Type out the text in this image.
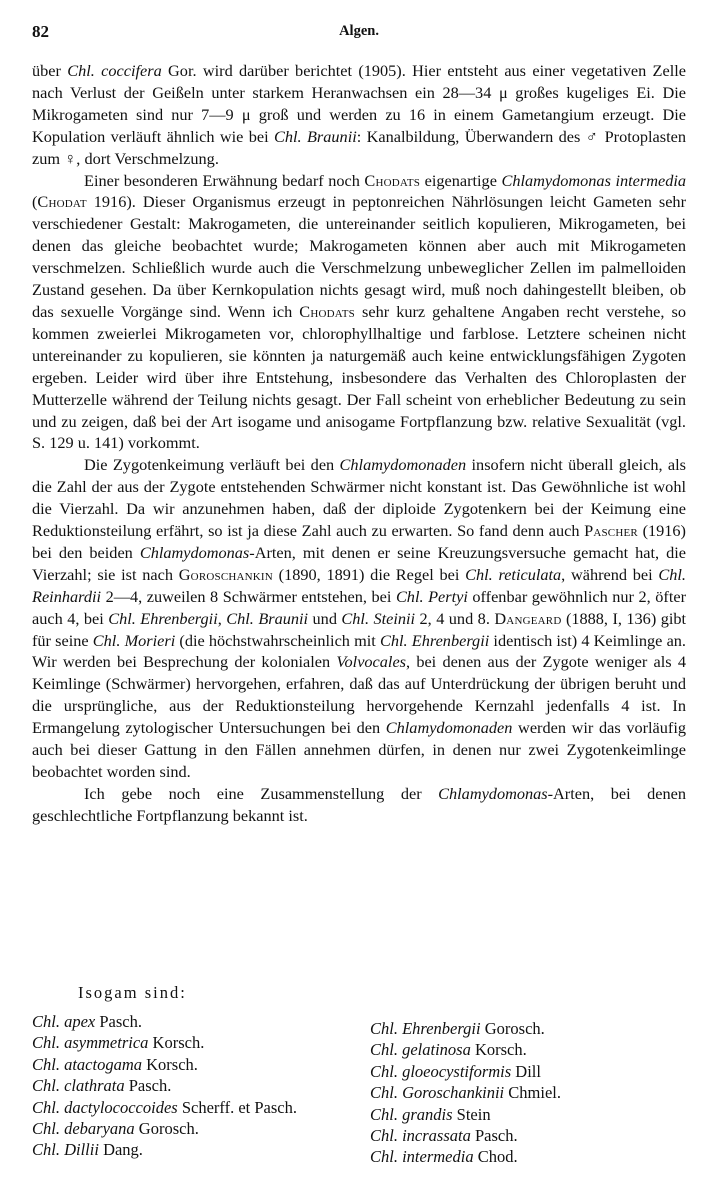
82	Algen.

über Chl. coccifera Gor. wird darüber berichtet (1905). Hier entsteht aus einer vegetativen Zelle nach Verlust der Geißeln unter starkem Heranwachsen ein 28—34 μ großes kugeliges Ei. Die Mikrogameten sind nur 7—9 μ groß und werden zu 16 in einem Gametangium erzeugt. Die Kopulation verläuft ähnlich wie bei Chl. Braunii: Kanalbildung, Überwandern des ♂ Protoplasten zum ♀, dort Verschmelzung.

Einer besonderen Erwähnung bedarf noch Chodats eigenartige Chlamydomonas intermedia (Chodat 1916). Dieser Organismus erzeugt in peptonreichen Nährlösungen leicht Gameten sehr verschiedener Gestalt: Makrogameten, die untereinander seitlich kopulieren, Mikrogameten, bei denen das gleiche beobachtet wurde; Makrogameten können aber auch mit Mikrogameten verschmelzen. Schließlich wurde auch die Verschmelzung unbeweglicher Zellen im palmelloiden Zustand gesehen. Da über Kernkopulation nichts gesagt wird, muß noch dahingestellt bleiben, ob das sexuelle Vorgänge sind. Wenn ich Chodats sehr kurz gehaltene Angaben recht verstehe, so kommen zweierlei Mikrogameten vor, chlorophyllhaltige und farblose. Letztere scheinen nicht untereinander zu kopulieren, sie könnten ja naturgemäß auch keine entwicklungsfähigen Zygoten ergeben. Leider wird über ihre Entstehung, insbesondere das Verhalten des Chloroplasten der Mutterzelle während der Teilung nichts gesagt. Der Fall scheint von erheblicher Bedeutung zu sein und zu zeigen, daß bei der Art isogame und anisogame Fortpflanzung bzw. relative Sexualität (vgl. S. 129 u. 141) vorkommt.

Die Zygotenkeimung verläuft bei den Chlamydomonaden insofern nicht überall gleich, als die Zahl der aus der Zygote entstehenden Schwärmer nicht konstant ist. Das Gewöhnliche ist wohl die Vierzahl. Da wir anzunehmen haben, daß der diploide Zygotenkern bei der Keimung eine Reduktionsteilung erfährt, so ist ja diese Zahl auch zu erwarten. So fand denn auch Pascher (1916) bei den beiden Chlamydomonas-Arten, mit denen er seine Kreuzungsversuche gemacht hat, die Vierzahl; sie ist nach Goroschankin (1890, 1891) die Regel bei Chl. reticulata, während bei Chl. Reinhardii 2—4, zuweilen 8 Schwärmer entstehen, bei Chl. Pertyi offenbar gewöhnlich nur 2, öfter auch 4, bei Chl. Ehrenbergii, Chl. Braunii und Chl. Steinii 2, 4 und 8. Dangeard (1888, I, 136) gibt für seine Chl. Morieri (die höchstwahrscheinlich mit Chl. Ehrenbergii identisch ist) 4 Keimlinge an. Wir werden bei Besprechung der kolonialen Volvocales, bei denen aus der Zygote weniger als 4 Keimlinge (Schwärmer) hervorgehen, erfahren, daß das auf Unterdrückung der übrigen beruht und die ursprüngliche, aus der Reduktionsteilung hervorgehende Kernzahl jedenfalls 4 ist. In Ermangelung zytologischer Untersuchungen bei den Chlamydomonaden werden wir das vorläufig auch bei dieser Gattung in den Fällen annehmen dürfen, in denen nur zwei Zygotenkeimlinge beobachtet worden sind.

Ich gebe noch eine Zusammenstellung der Chlamydomonas-Arten, bei denen geschlechtliche Fortpflanzung bekannt ist.

Isogam sind:
Chl. apex Pasch.
Chl. asymmetrica Korsch.
Chl. atactogama Korsch.
Chl. clathrata Pasch.
Chl. dactylococcoides Scherff. et Pasch.
Chl. debaryana Gorosch.
Chl. Dillii Dang.
Chl. Ehrenbergii Gorosch.
Chl. gelatinosa Korsch.
Chl. gloeocystiformis Dill
Chl. Goroschankinii Chmiel.
Chl. grandis Stein
Chl. incrassata Pasch.
Chl. intermedia Chod.
